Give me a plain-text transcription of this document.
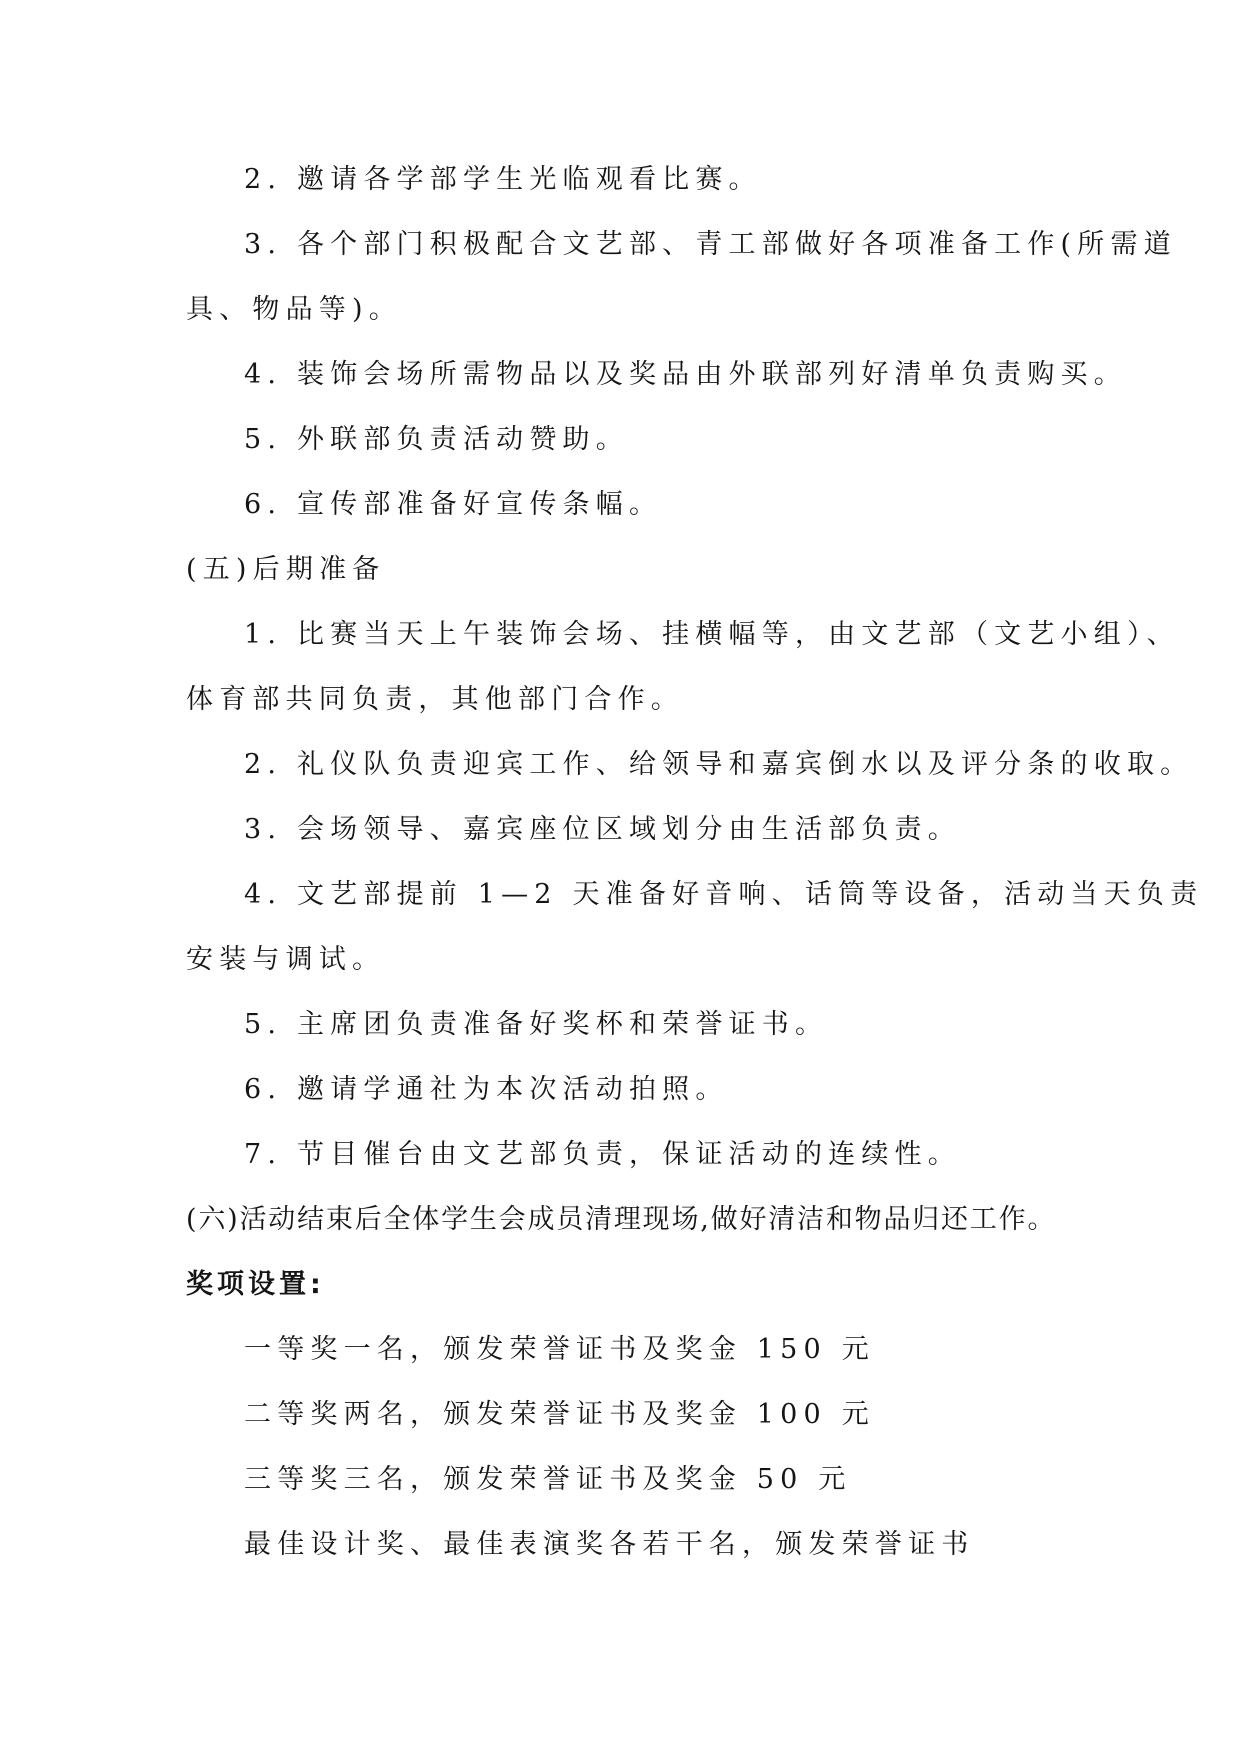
2. 邀请各学部学生光临观看比赛。
3. 各个部门积极配合文艺部、青工部做好各项准备工作(所需道
具、物品等)。
4. 装饰会场所需物品以及奖品由外联部列好清单负责购买。
5. 外联部负责活动赞助。
6. 宣传部准备好宣传条幅。
(五)后期准备
1. 比赛当天上午装饰会场、挂横幅等，由文艺部（文艺小组）、
体育部共同负责，其他部门合作。
2. 礼仪队负责迎宾工作、给领导和嘉宾倒水以及评分条的收取。
3. 会场领导、嘉宾座位区域划分由生活部负责。
4. 文艺部提前 1—2 天准备好音响、话筒等设备，活动当天负责
安装与调试。
5. 主席团负责准备好奖杯和荣誉证书。
6. 邀请学通社为本次活动拍照。
7. 节目催台由文艺部负责，保证活动的连续性。
(六)活动结束后全体学生会成员清理现场,做好清洁和物品归还工作。
奖项设置:
一等奖一名，颁发荣誉证书及奖金 150 元
二等奖两名，颁发荣誉证书及奖金 100 元
三等奖三名，颁发荣誉证书及奖金 50 元
最佳设计奖、最佳表演奖各若干名，颁发荣誉证书
